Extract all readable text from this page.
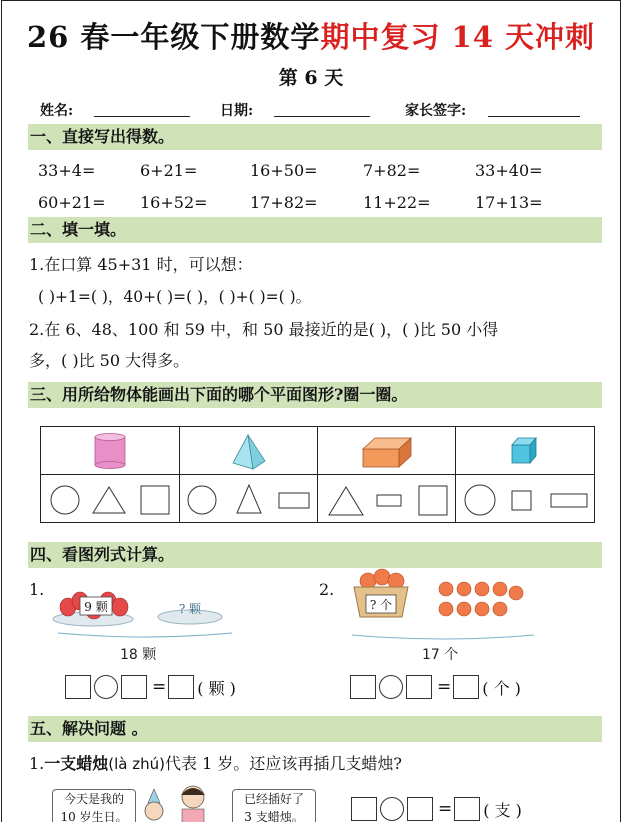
26 春一年级下册数学期中复习 14 天冲刺
第 6 天
姓名:	日期:	家长签字:
一、直接写出得数。
33+4=	6+21=	16+50=	7+82=	33+40=
60+21= 16+52=	17+82=	11+22=	17+13=
二、填一填。
1.在口算 45+31 时，可以想：
( )+1=( )，40+( )=( )，( )+( )=( )。
2.在 6、48、100 和 59 中，和 50 最接近的是( )，( )比 50 小得
多，( )比 50 大得多。
三、用所给物体能画出下面的哪个平面图形?圈一圈。
四、看图列式计算。
1.
9 颗	? 颗
18 颗
= ( 颗 )
2.
? 个
17 个
= ( 个 )
五、解决问题 。
1.一支蜡烛(là zhú)代表 1 岁。还应该再插几支蜡烛?
今天是我的
10 岁生日。
已经插好了
3 支蜡烛。	= ( 支 )
